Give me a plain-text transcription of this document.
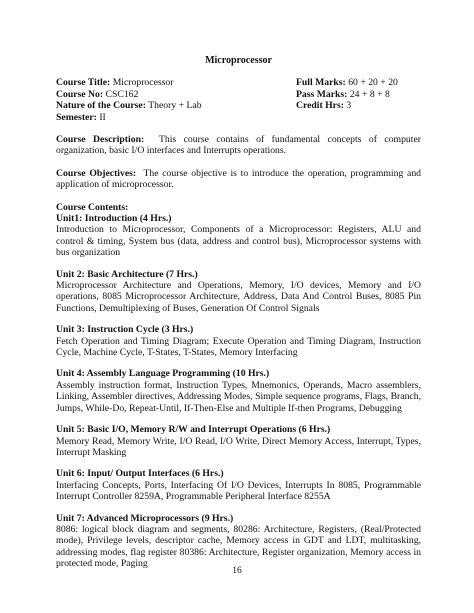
Microprocessor
Course Title: Microprocessor
Course No: CSC162
Nature of the Course: Theory + Lab
Semester: II
Full Marks: 60 + 20 + 20
Pass Marks: 24 + 8 + 8
Credit Hrs: 3
Course Description: This course contains of fundamental concepts of computer organization, basic I/O interfaces and Interrupts operations.
Course Objectives: The course objective is to introduce the operation, programming and application of microprocessor.
Course Contents:
Unit1: Introduction (4 Hrs.)
Introduction to Microprocessor, Components of a Microprocessor: Registers, ALU and control & timing, System bus (data, address and control bus), Microprocessor systems with bus organization
Unit 2: Basic Architecture (7 Hrs.)
Microprocessor Architecture and Operations, Memory, I/O devices, Memory and I/O operations, 8085 Microprocessor Architecture, Address, Data And Control Buses, 8085 Pin Functions, Demultiplexing of Buses, Generation Of Control Signals
Unit 3: Instruction Cycle (3 Hrs.)
Fetch Operation and Timing Diagram; Execute Operation and Timing Diagram, Instruction Cycle, Machine Cycle, T-States, T-States, Memory Interfacing
Unit 4: Assembly Language Programming (10 Hrs.)
Assembly instruction format, Instruction Types, Mnemonics, Operands, Macro assemblers, Linking, Assembler directives, Addressing Modes, Simple sequence programs, Flags, Branch, Jumps, While-Do, Repeat-Until, If-Then-Else and Multiple If-then Programs, Debugging
Unit 5: Basic I/O, Memory R/W and Interrupt Operations (6 Hrs.)
Memory Read, Memory Write, I/O Read, I/O Write, Direct Memory Access, Interrupt, Types, Interrupt Masking
Unit 6: Input/ Output Interfaces (6 Hrs.)
Interfacing Concepts, Ports, Interfacing Of I/O Devices, Interrupts In 8085, Programmable Interrupt Controller 8259A, Programmable Peripheral Interface 8255A
Unit 7: Advanced Microprocessors (9 Hrs.)
8086: logical block diagram and segments, 80286: Architecture, Registers, (Real/Protected mode), Privilege levels, descriptor cache, Memory access in GDT and LDT, multitasking, addressing modes, flag register 80386: Architecture, Register organization, Memory access in protected mode, Paging
16
